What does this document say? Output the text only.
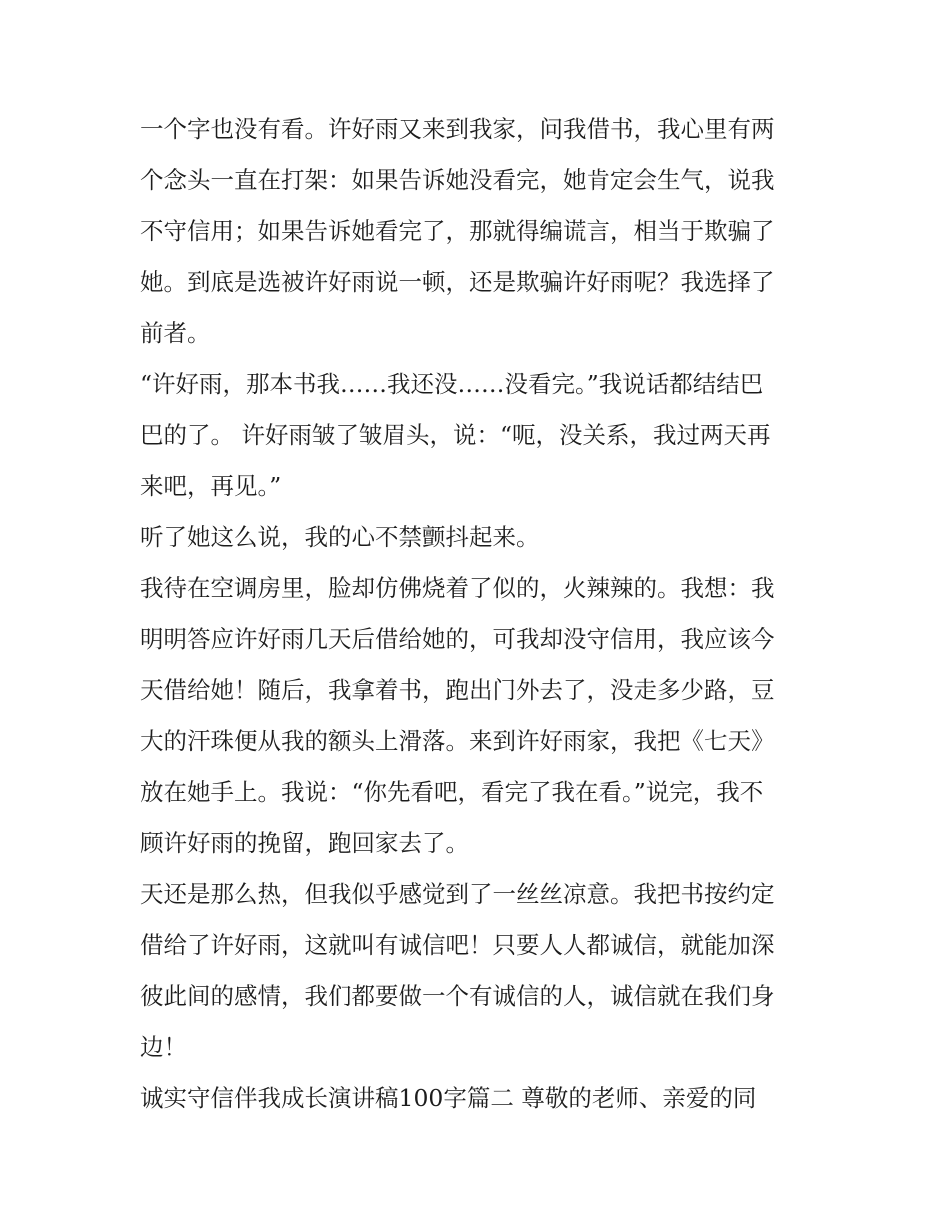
一个字也没有看。许好雨又来到我家，问我借书，我心里有两
个念头一直在打架：如果告诉她没看完，她肯定会生气，说我
不守信用；如果告诉她看完了，那就得编谎言，相当于欺骗了
她。到底是选被许好雨说一顿，还是欺骗许好雨呢？我选择了
前者。
“许好雨，那本书我……我还没……没看完。”我说话都结结巴
巴的了。 许好雨皱了皱眉头，说：“呃，没关系，我过两天再
来吧，再见。”
听了她这么说，我的心不禁颤抖起来。
我待在空调房里，脸却仿佛烧着了似的，火辣辣的。我想：我
明明答应许好雨几天后借给她的，可我却没守信用，我应该今
天借给她！随后，我拿着书，跑出门外去了，没走多少路，豆
大的汗珠便从我的额头上滑落。来到许好雨家，我把《七天》
放在她手上。我说：“你先看吧，看完了我在看。”说完，我不
顾许好雨的挽留，跑回家去了。
天还是那么热，但我似乎感觉到了一丝丝凉意。我把书按约定
借给了许好雨，这就叫有诚信吧！只要人人都诚信，就能加深
彼此间的感情，我们都要做一个有诚信的人，诚信就在我们身
边！
诚实守信伴我成长演讲稿100字篇二 尊敬的老师、亲爱的同
